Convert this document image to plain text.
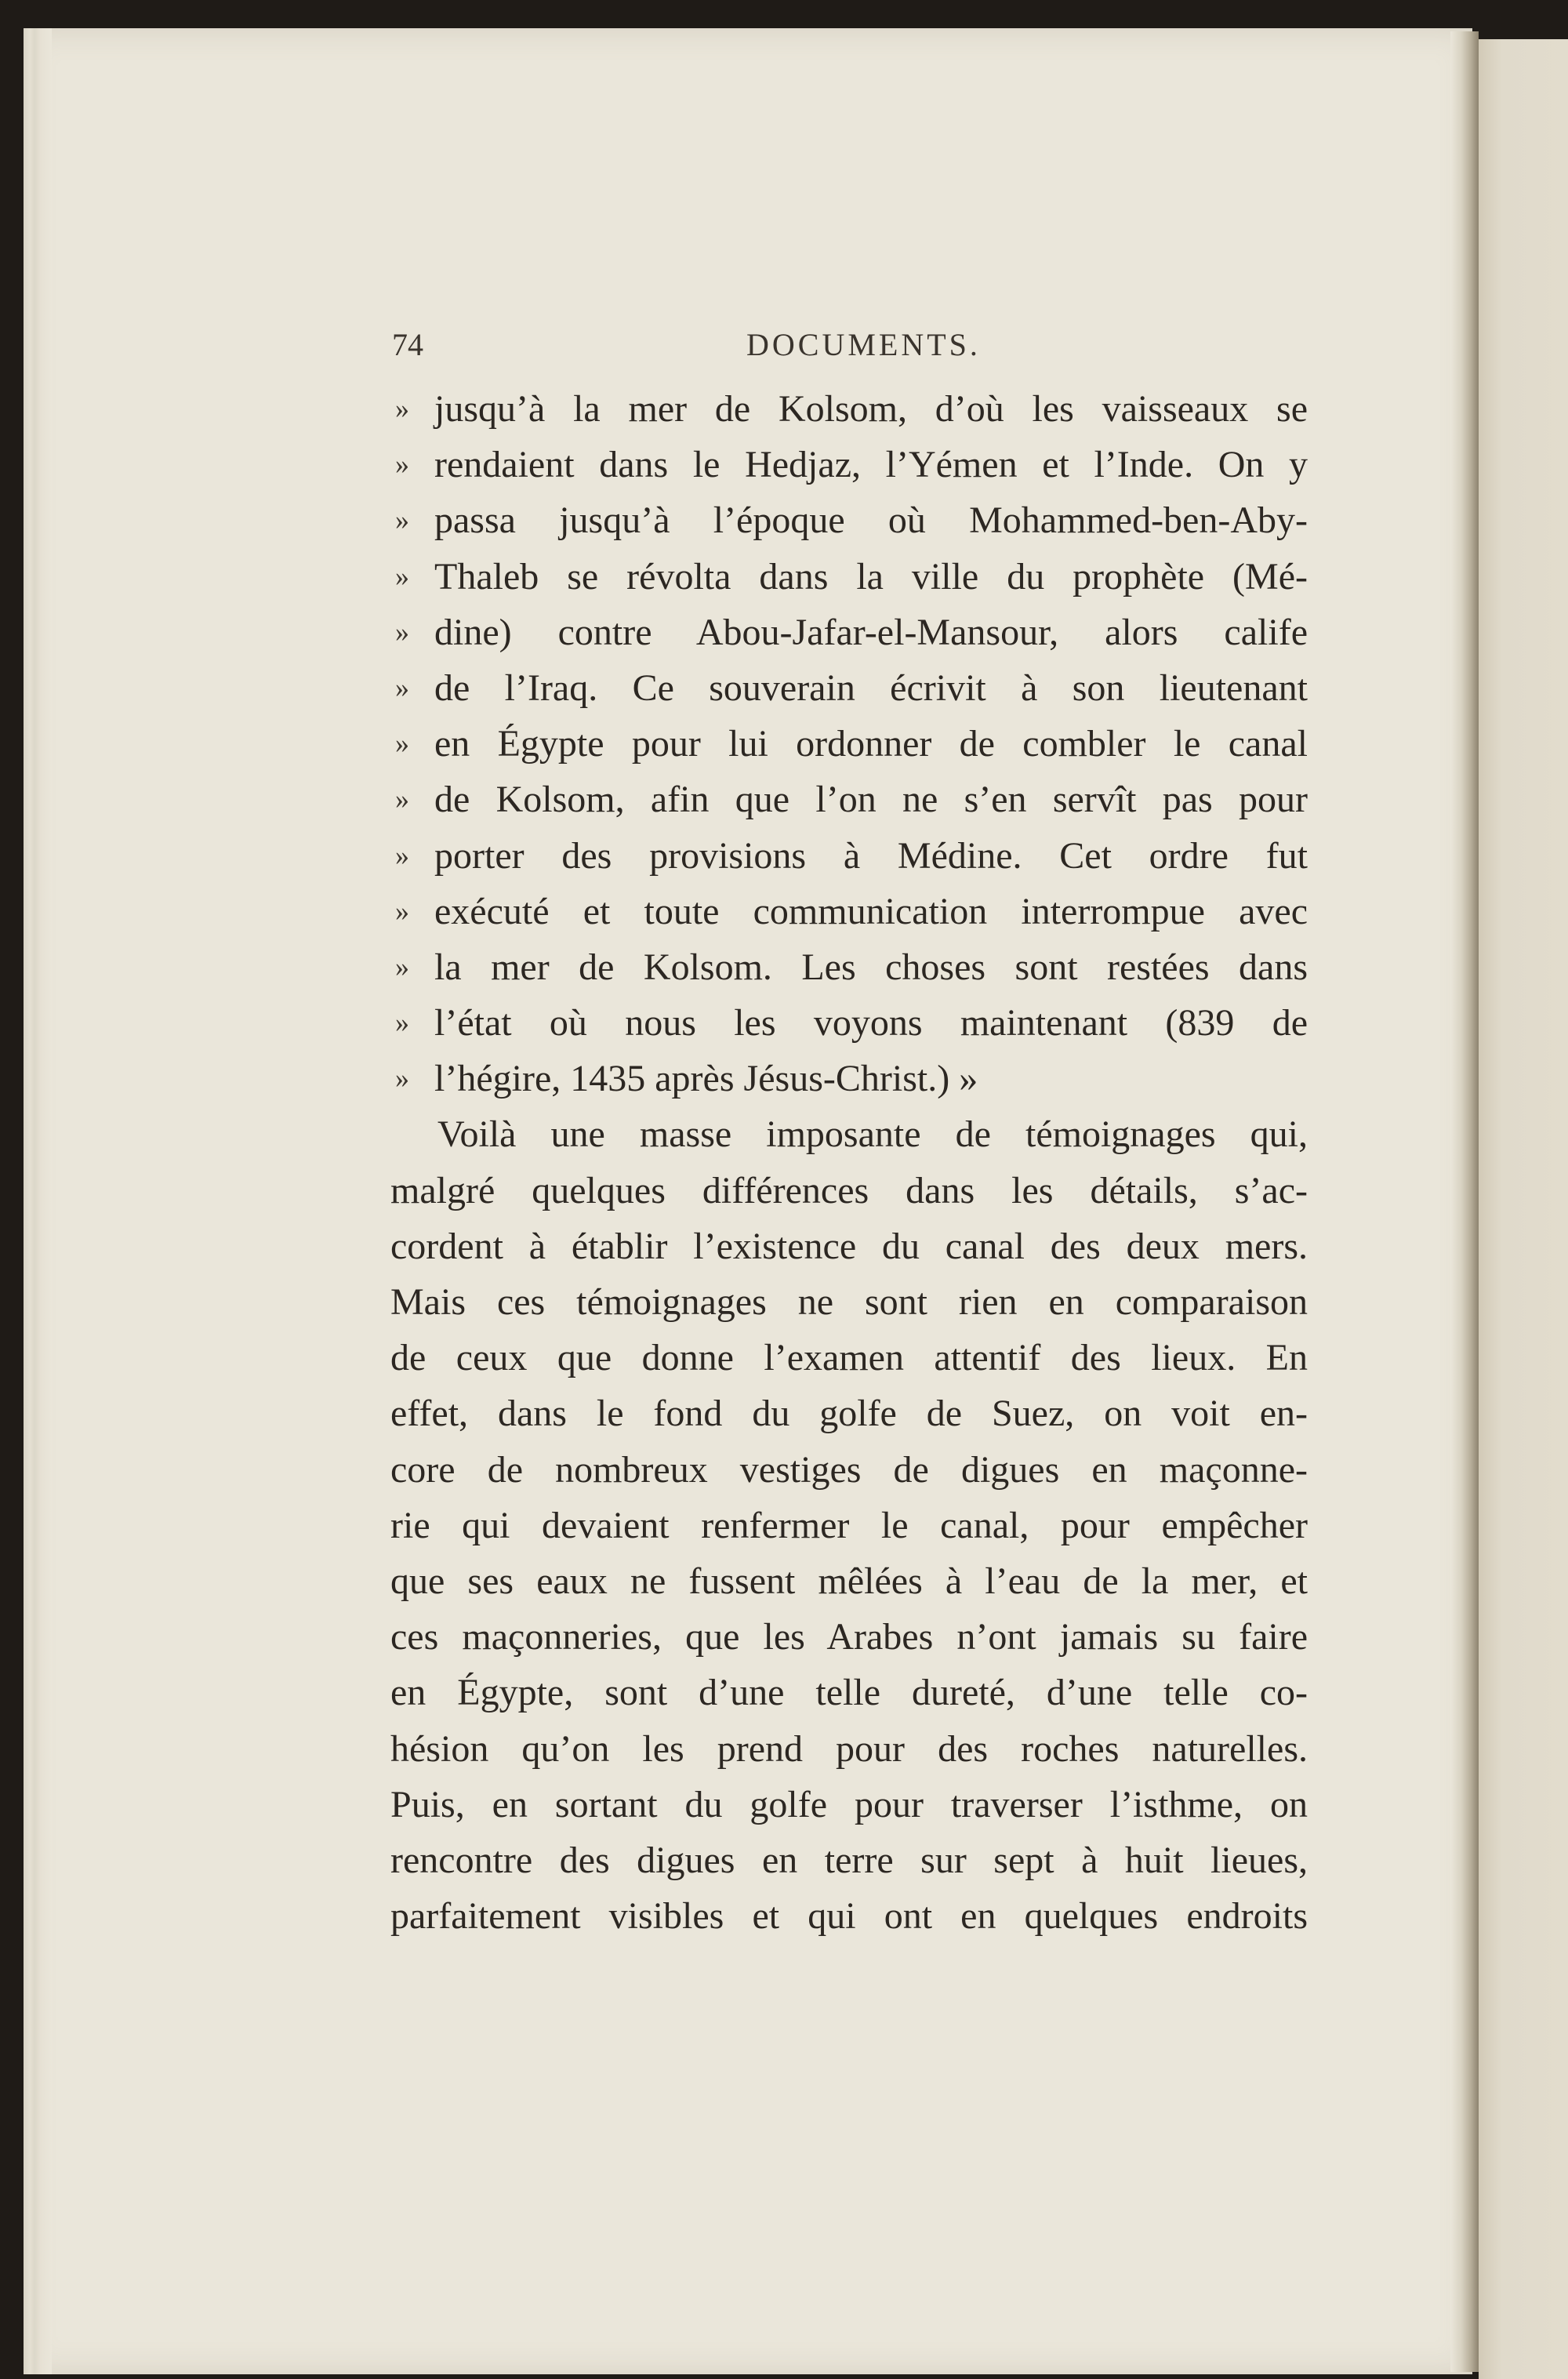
74	DOCUMENTS.
» jusqu’à la mer de Kolsom, d’où les vaisseaux se
» rendaient dans le Hedjaz, l’Yémen et l’Inde. On y
» passa jusqu’à l’époque où Mohammed-ben-Aby-
» Thaleb se révolta dans la ville du prophète (Mé-
» dine) contre Abou-Jafar-el-Mansour, alors calife
» de l’Iraq. Ce souverain écrivit à son lieutenant
» en Égypte pour lui ordonner de combler le canal
» de Kolsom, afin que l’on ne s’en servît pas pour
» porter des provisions à Médine. Cet ordre fut
» exécuté et toute communication interrompue avec
» la mer de Kolsom. Les choses sont restées dans
» l’état où nous les voyons maintenant (839 de
» l’hégire, 1435 après Jésus-Christ.) »
Voilà une masse imposante de témoignages qui,
malgré quelques différences dans les détails, s’ac-
cordent à établir l’existence du canal des deux mers.
Mais ces témoignages ne sont rien en comparaison
de ceux que donne l’examen attentif des lieux. En
effet, dans le fond du golfe de Suez, on voit en-
core de nombreux vestiges de digues en maçonne-
rie qui devaient renfermer le canal, pour empêcher
que ses eaux ne fussent mêlées à l’eau de la mer, et
ces maçonneries, que les Arabes n’ont jamais su faire
en Égypte, sont d’une telle dureté, d’une telle co-
hésion qu’on les prend pour des roches naturelles.
Puis, en sortant du golfe pour traverser l’isthme, on
rencontre des digues en terre sur sept à huit lieues,
parfaitement visibles et qui ont en quelques endroits
